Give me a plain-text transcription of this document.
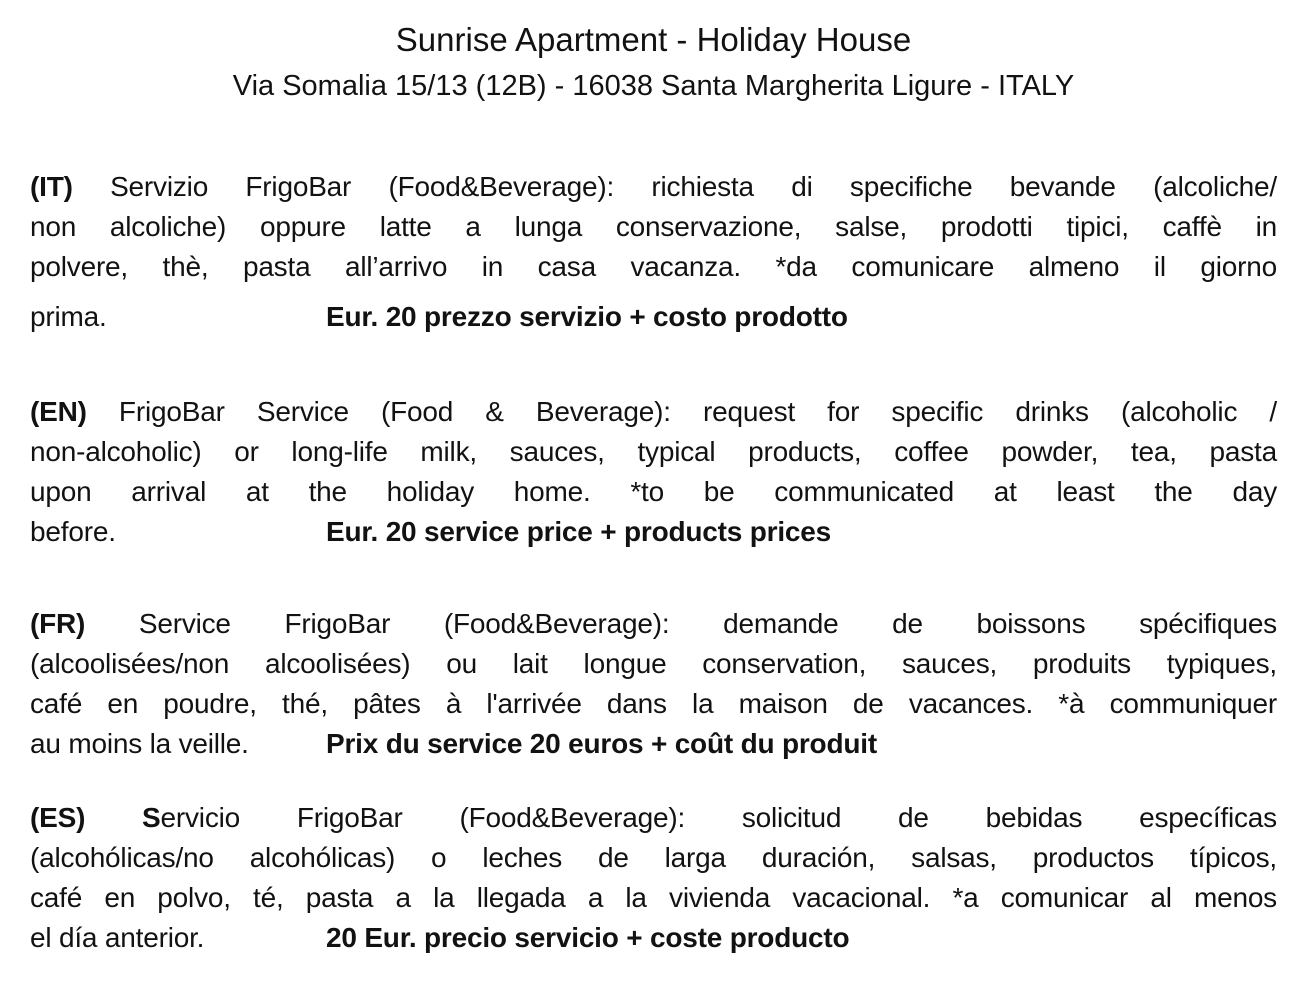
Sunrise Apartment - Holiday House
Via Somalia 15/13 (12B) - 16038 Santa Margherita Ligure - ITALY
(IT) Servizio FrigoBar (Food&Beverage): richiesta di specifiche bevande (alcoliche/
non alcoliche) oppure latte a lunga conservazione, salse, prodotti tipici, caffè in
polvere, thè, pasta all’arrivo in casa vacanza. *da comunicare almeno il giorno
prima.	Eur. 20 prezzo servizio + costo prodotto
(EN) FrigoBar Service (Food & Beverage): request for specific drinks (alcoholic /
non-alcoholic) or long-life milk, sauces, typical products, coffee powder, tea, pasta
upon arrival at the holiday home. *to be communicated at least the day
before.	Eur. 20 service price + products prices
(FR) Service FrigoBar (Food&Beverage): demande de boissons spécifiques
(alcoolisées/non alcoolisées) ou lait longue conservation, sauces, produits typiques,
café en poudre, thé, pâtes à l'arrivée dans la maison de vacances. *à communiquer
au moins la veille.	Prix du service 20 euros + coût du produit
(ES) Servicio FrigoBar (Food&Beverage): solicitud de bebidas específicas
(alcohólicas/no alcohólicas) o leches de larga duración, salsas, productos típicos,
café en polvo, té, pasta a la llegada a la vivienda vacacional. *a comunicar al menos
el día anterior.	20 Eur. precio servicio + coste producto
